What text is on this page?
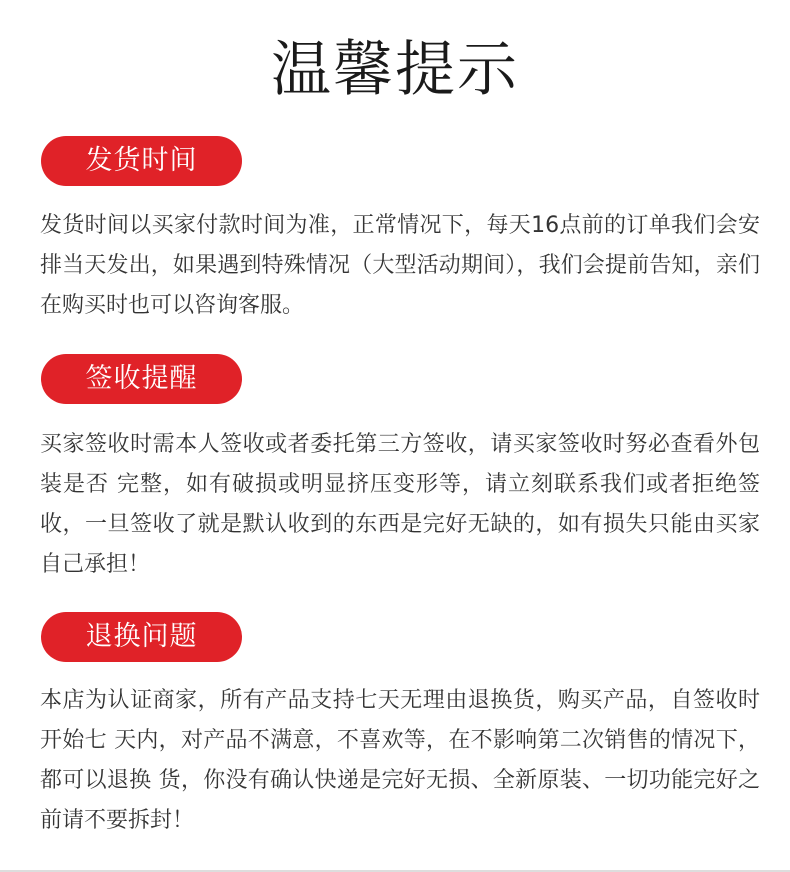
温馨提示
发货时间

发货时间以买家付款时间为准，正常情况下，每天16点前的订单我们会安排当天发出，如果遇到特殊情况（大型活动期间），我们会提前告知，亲们在购买时也可以咨询客服。

签收提醒

买家签收时需本人签收或者委托第三方签收，请买家签收时努必查看外包装是否 完整，如有破损或明显挤压变形等，请立刻联系我们或者拒绝签收，一旦签收了就是默认收到的东西是完好无缺的，如有损失只能由买家自己承担！

退换问题

本店为认证商家，所有产品支持七天无理由退换货，购买产品，自签收时开始七 天内，对产品不满意，不喜欢等，在不影响第二次销售的情况下，都可以退换 货，你没有确认快递是完好无损、全新原装、一切功能完好之前请不要拆封！
